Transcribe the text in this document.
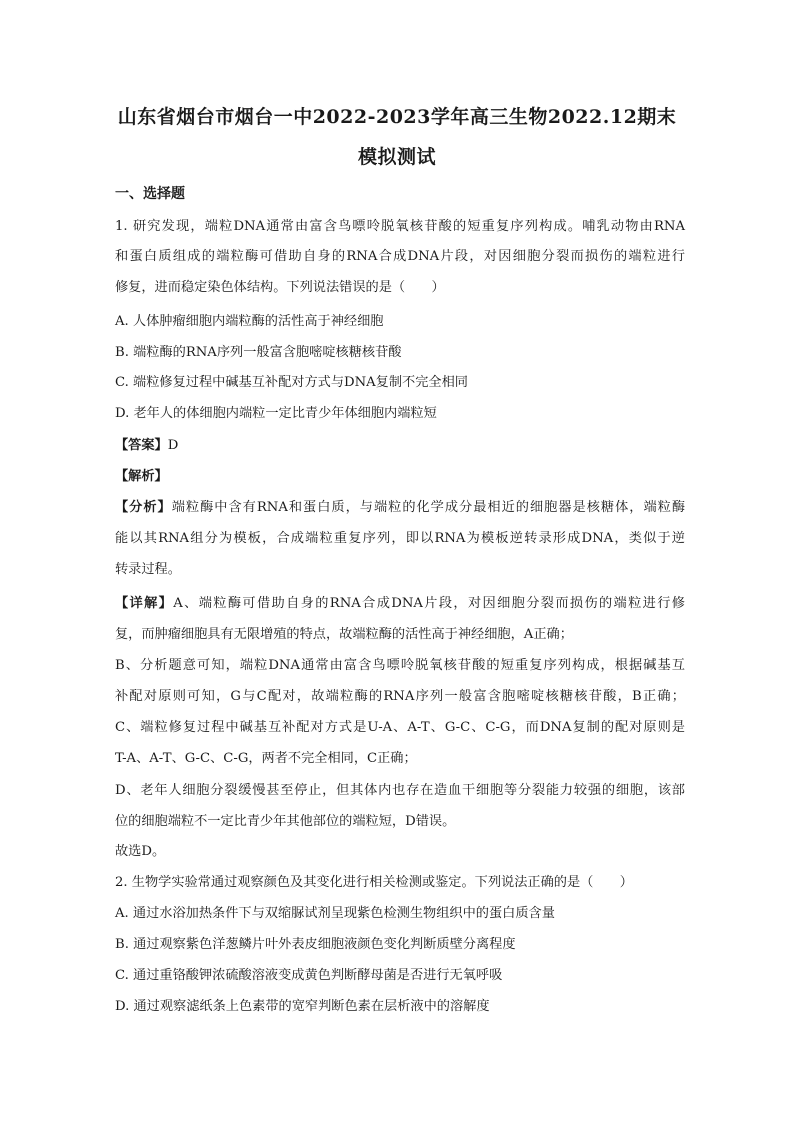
山东省烟台市烟台一中2022-2023学年高三生物2022.12期末
模拟测试
一、选择题
1. 研究发现，端粒DNA通常由富含鸟嘌呤脱氧核苷酸的短重复序列构成。哺乳动物由RNA
和蛋白质组成的端粒酶可借助自身的RNA合成DNA片段，对因细胞分裂而损伤的端粒进行
修复，进而稳定染色体结构。下列说法错误的是（　　）
A. 人体肿瘤细胞内端粒酶的活性高于神经细胞
B. 端粒酶的RNA序列一般富含胞嘧啶核糖核苷酸
C. 端粒修复过程中碱基互补配对方式与DNA复制不完全相同
D. 老年人的体细胞内端粒一定比青少年体细胞内端粒短
【答案】D
【解析】
【分析】端粒酶中含有RNA和蛋白质，与端粒的化学成分最相近的细胞器是核糖体，端粒酶
能以其RNA组分为模板，合成端粒重复序列，即以RNA为模板逆转录形成DNA，类似于逆
转录过程。
【详解】A、端粒酶可借助自身的RNA合成DNA片段，对因细胞分裂而损伤的端粒进行修
复，而肿瘤细胞具有无限增殖的特点，故端粒酶的活性高于神经细胞，A正确；
B、分析题意可知，端粒DNA通常由富含鸟嘌呤脱氧核苷酸的短重复序列构成，根据碱基互
补配对原则可知，G与C配对，故端粒酶的RNA序列一般富含胞嘧啶核糖核苷酸，B正确；
C、端粒修复过程中碱基互补配对方式是U-A、A-T、G-C、C-G，而DNA复制的配对原则是
T-A、A-T、G-C、C-G，两者不完全相同，C正确；
D、老年人细胞分裂缓慢甚至停止，但其体内也存在造血干细胞等分裂能力较强的细胞，该部
位的细胞端粒不一定比青少年其他部位的端粒短，D错误。
故选D。
2. 生物学实验常通过观察颜色及其变化进行相关检测或鉴定。下列说法正确的是（　　）
A. 通过水浴加热条件下与双缩脲试剂呈现紫色检测生物组织中的蛋白质含量
B. 通过观察紫色洋葱鳞片叶外表皮细胞液颜色变化判断质壁分离程度
C. 通过重铬酸钾浓硫酸溶液变成黄色判断酵母菌是否进行无氧呼吸
D. 通过观察滤纸条上色素带的宽窄判断色素在层析液中的溶解度
